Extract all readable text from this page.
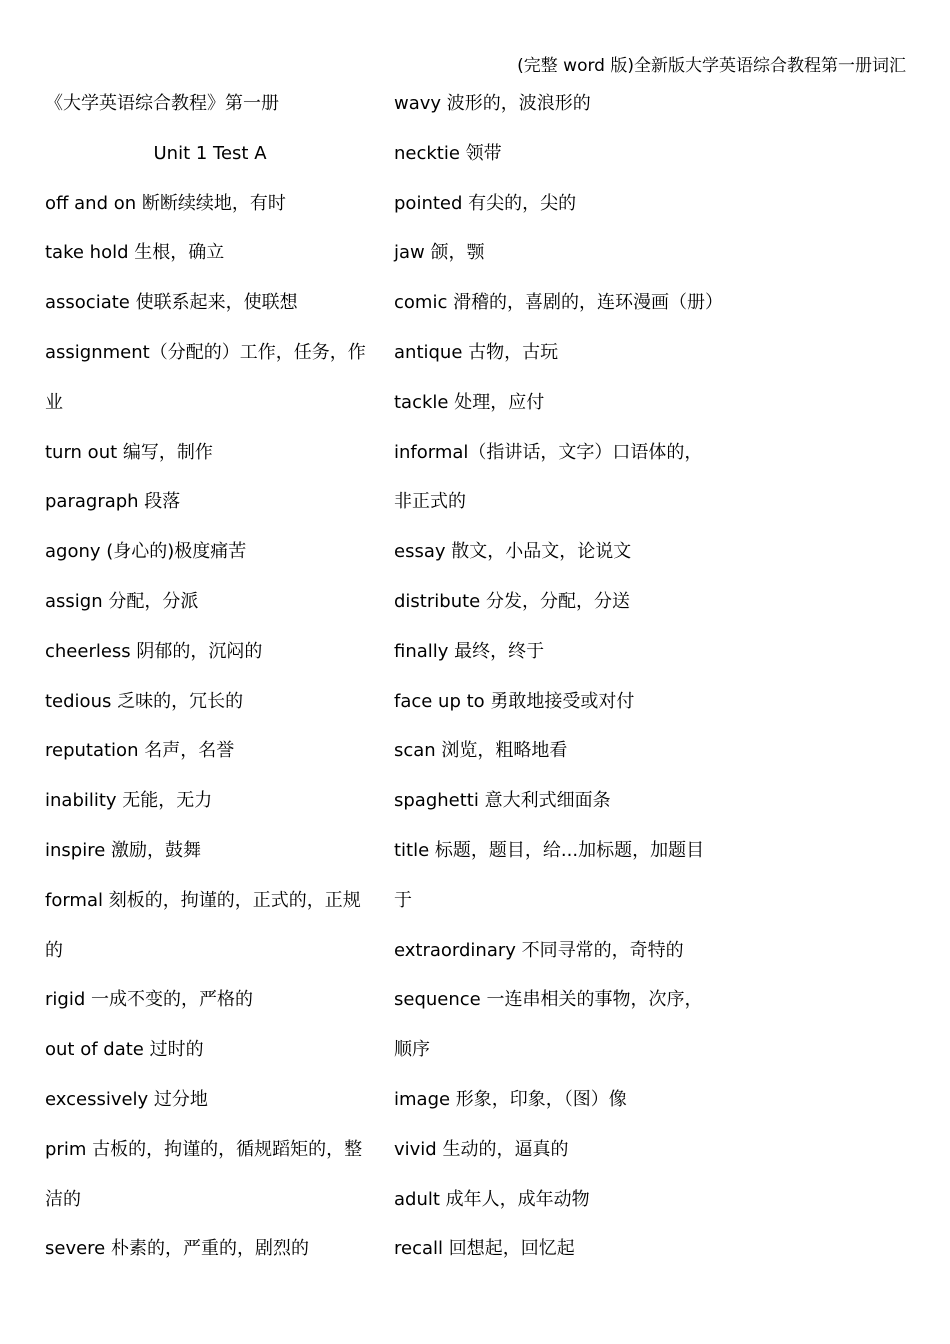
(完整 word 版)全新版大学英语综合教程第一册词汇
《大学英语综合教程》第一册
Unit 1 Test A
off and on 断断续续地，有时
take hold 生根，确立
associate 使联系起来，使联想
assignment（分配的）工作，任务，作
业
turn out 编写，制作
paragraph 段落
agony (身心的)极度痛苦
assign 分配，分派
cheerless 阴郁的，沉闷的
tedious 乏味的，冗长的
reputation 名声，名誉
inability 无能，无力
inspire 激励，鼓舞
formal 刻板的，拘谨的，正式的，正规
的
rigid 一成不变的，严格的
out of date 过时的
excessively 过分地
prim 古板的，拘谨的，循规蹈矩的，整
洁的
severe 朴素的，严重的，剧烈的
wavy 波形的，波浪形的
necktie 领带
pointed 有尖的，尖的
jaw 颌，颚
comic 滑稽的，喜剧的，连环漫画（册）
antique 古物，古玩
tackle 处理，应付
informal（指讲话，文字）口语体的，
非正式的
essay 散文，小品文，论说文
distribute 分发，分配，分送
finally 最终，终于
face up to 勇敢地接受或对付
scan 浏览，粗略地看
spaghetti 意大利式细面条
title 标题，题目，给...加标题，加题目
于
extraordinary 不同寻常的，奇特的
sequence 一连串相关的事物，次序，
顺序
image 形象，印象，（图）像
vivid 生动的，逼真的
adult 成年人，成年动物
recall 回想起，回忆起
